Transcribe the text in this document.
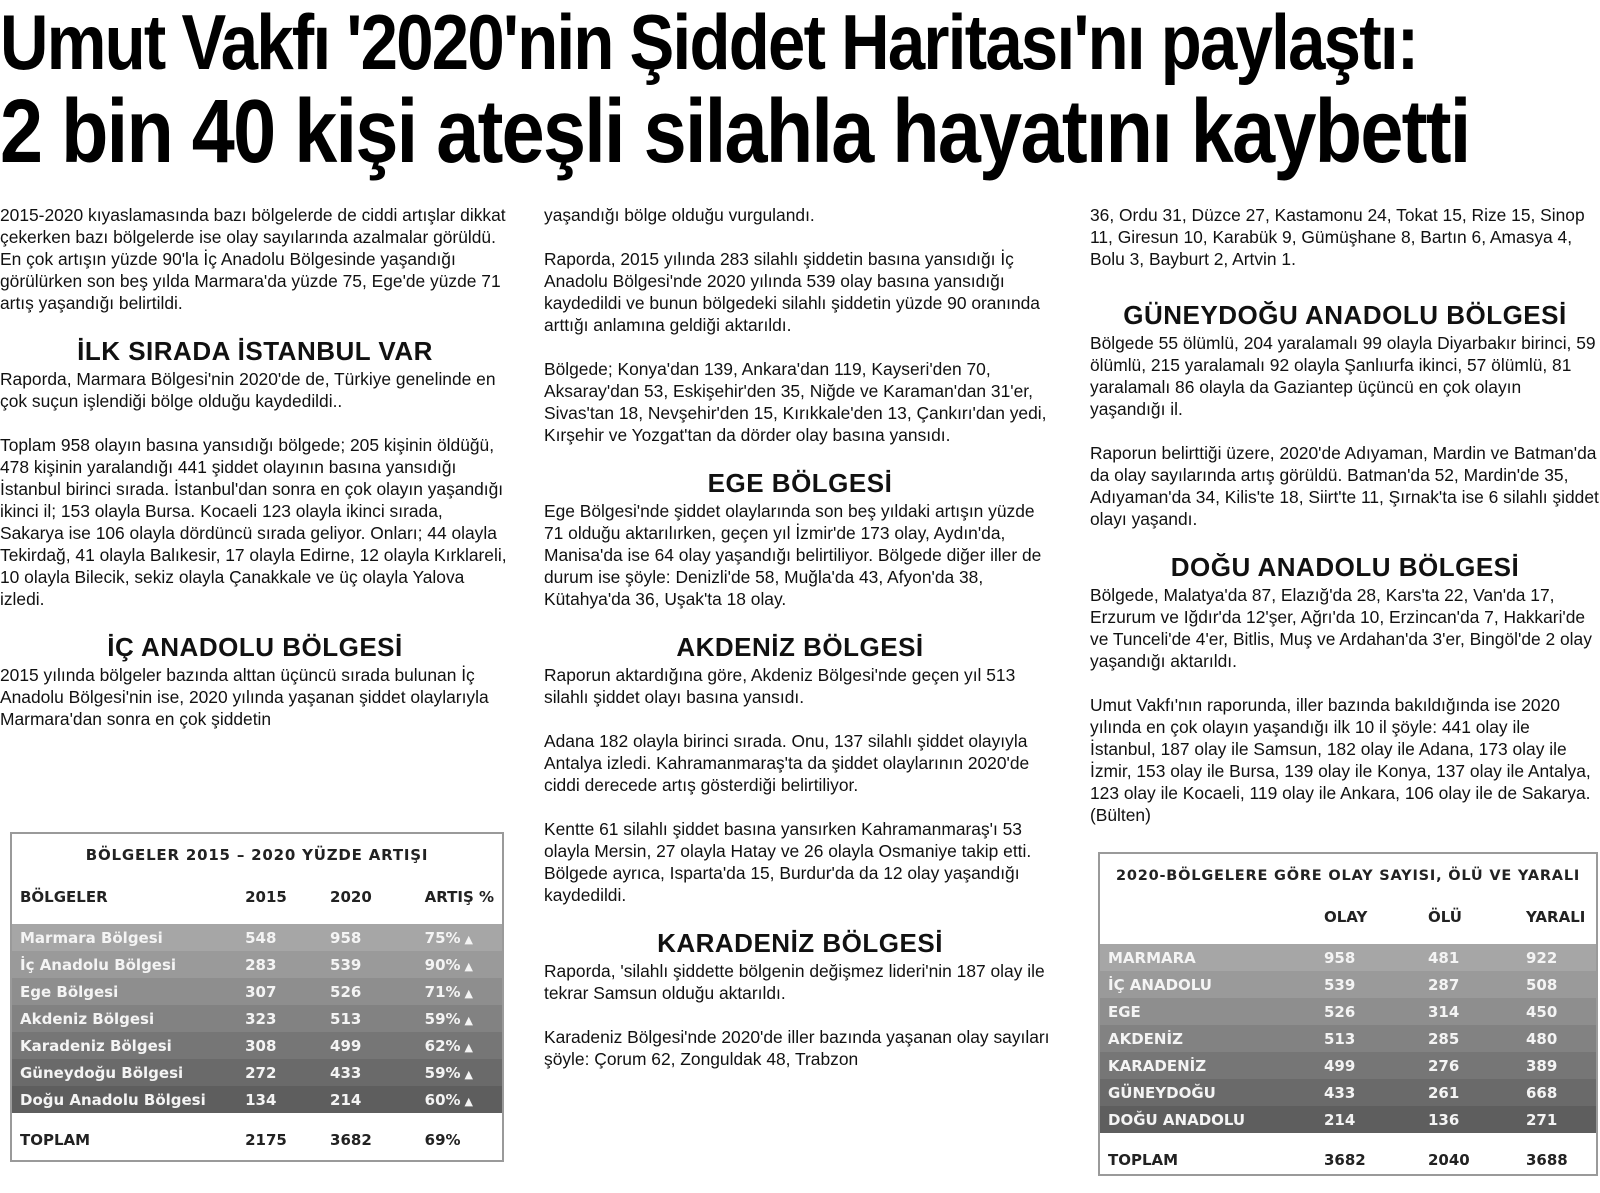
Umut Vakfı '2020'nin Şiddet Haritası'nı paylaştı:
2 bin 40 kişi ateşli silahla hayatını kaybetti

2015-2020 kıyaslamasında bazı bölgelerde de ciddi artışlar dikkat çekerken bazı bölgelerde ise olay sayılarında azalmalar görüldü. En çok artışın yüzde 90'la İç Anadolu Bölgesinde yaşandığı görülürken son beş yılda Marmara'da yüzde 75, Ege'de yüzde 71 artış yaşandığı belirtildi.

İLK SIRADA İSTANBUL VAR

Raporda, Marmara Bölgesi'nin 2020'de de, Türkiye genelinde en çok suçun işlendiği bölge olduğu kaydedildi..

Toplam 958 olayın basına yansıdığı bölgede; 205 kişinin öldüğü, 478 kişinin yaralandığı 441 şiddet olayının basına yansıdığı İstanbul birinci sırada. İstanbul'dan sonra en çok olayın yaşandığı ikinci il; 153 olayla Bursa. Kocaeli 123 olayla ikinci sırada, Sakarya ise 106 olayla dördüncü sırada geliyor. Onları; 44 olayla Tekirdağ, 41 olayla Balıkesir, 17 olayla Edirne, 12 olayla Kırklareli, 10 olayla Bilecik, sekiz olayla Çanakkale ve üç olayla Yalova izledi.

İÇ ANADOLU BÖLGESİ

2015 yılında bölgeler bazında alttan üçüncü sırada bulunan İç Anadolu Bölgesi'nin ise, 2020 yılında yaşanan şiddet olaylarıyla Marmara'dan sonra en çok şiddetin

yaşandığı bölge olduğu vurgulandı.

Raporda, 2015 yılında 283 silahlı şiddetin basına yansıdığı İç Anadolu Bölgesi'nde 2020 yılında 539 olay basına yansıdığı kaydedildi ve bunun bölgedeki silahlı şiddetin yüzde 90 oranında arttığı anlamına geldiği aktarıldı.

Bölgede; Konya'dan 139, Ankara'dan 119, Kayseri'den 70, Aksaray'dan 53, Eskişehir'den 35, Niğde ve Karaman'dan 31'er, Sivas'tan 18, Nevşehir'den 15, Kırıkkale'den 13, Çankırı'dan yedi, Kırşehir ve Yozgat'tan da dörder olay basına yansıdı.

EGE BÖLGESİ

Ege Bölgesi'nde şiddet olaylarında son beş yıldaki artışın yüzde 71 olduğu aktarılırken, geçen yıl İzmir'de 173 olay, Aydın'da, Manisa'da ise 64 olay yaşandığı belirtiliyor. Bölgede diğer iller de durum ise şöyle: Denizli'de 58, Muğla'da 43, Afyon'da 38, Kütahya'da 36, Uşak'ta 18 olay.

AKDENİZ BÖLGESİ

Raporun aktardığına göre, Akdeniz Bölgesi'nde geçen yıl 513 silahlı şiddet olayı basına yansıdı.

Adana 182 olayla birinci sırada. Onu, 137 silahlı şiddet olayıyla Antalya izledi. Kahramanmaraş'ta da şiddet olaylarının 2020'de ciddi derecede artış gösterdiği belirtiliyor.

Kentte 61 silahlı şiddet basına yansırken Kahramanmaraş'ı 53 olayla Mersin, 27 olayla Hatay ve 26 olayla Osmaniye takip etti. Bölgede ayrıca, Isparta'da 15, Burdur'da da 12 olay yaşandığı kaydedildi.

KARADENİZ BÖLGESİ

Raporda, 'silahlı şiddette bölgenin değişmez lideri'nin 187 olay ile tekrar Samsun olduğu aktarıldı.

Karadeniz Bölgesi'nde 2020'de iller bazında yaşanan olay sayıları şöyle: Çorum 62, Zonguldak 48, Trabzon

36, Ordu 31, Düzce 27, Kastamonu 24, Tokat 15, Rize 15, Sinop 11, Giresun 10, Karabük 9, Gümüşhane 8, Bartın 6, Amasya 4, Bolu 3, Bayburt 2, Artvin 1.

GÜNEYDOĞU ANADOLU BÖLGESİ

Bölgede 55 ölümlü, 204 yaralamalı 99 olayla Diyarbakır birinci, 59 ölümlü, 215 yaralamalı 92 olayla Şanlıurfa ikinci, 57 ölümlü, 81 yaralamalı 86 olayla da Gaziantep üçüncü en çok olayın yaşandığı il.

Raporun belirttiği üzere, 2020'de Adıyaman, Mardin ve Batman'da da olay sayılarında artış görüldü. Batman'da 52, Mardin'de 35, Adıyaman'da 34, Kilis'te 18, Siirt'te 11, Şırnak'ta ise 6 silahlı şiddet olayı yaşandı.

DOĞU ANADOLU BÖLGESİ

Bölgede, Malatya'da 87, Elazığ'da 28, Kars'ta 22, Van'da 17, Erzurum ve Iğdır'da 12'şer, Ağrı'da 10, Erzincan'da 7, Hakkari'de ve Tunceli'de 4'er, Bitlis, Muş ve Ardahan'da 3'er, Bingöl'de 2 olay yaşandığı aktarıldı.

Umut Vakfı'nın raporunda, iller bazında bakıldığında ise 2020 yılında en çok olayın yaşandığı ilk 10 il şöyle: 441 olay ile İstanbul, 187 olay ile Samsun, 182 olay ile Adana, 173 olay ile İzmir, 153 olay ile Bursa, 139 olay ile Konya, 137 olay ile Antalya, 123 olay ile Kocaeli, 119 olay ile Ankara, 106 olay ile de Sakarya. (Bülten)

BÖLGELER 2015 – 2020 YÜZDE ARTIŞI
BÖLGELER	2015	2020	ARTIŞ %
Marmara Bölgesi	548	958	75% ▲
İç Anadolu Bölgesi	283	539	90% ▲
Ege Bölgesi	307	526	71% ▲
Akdeniz Bölgesi	323	513	59% ▲
Karadeniz Bölgesi	308	499	62% ▲
Güneydoğu Bölgesi	272	433	59% ▲
Doğu Anadolu Bölgesi	134	214	60% ▲
TOPLAM	2175	3682	69%
2020-BÖLGELERE GÖRE OLAY SAYISI, ÖLÜ VE YARALI
	OLAY	ÖLÜ	YARALI
MARMARA	958	481	922
İÇ ANADOLU	539	287	508
EGE	526	314	450
AKDENİZ	513	285	480
KARADENİZ	499	276	389
GÜNEYDOĞU	433	261	668
DOĞU ANADOLU	214	136	271
TOPLAM	3682	2040	3688
